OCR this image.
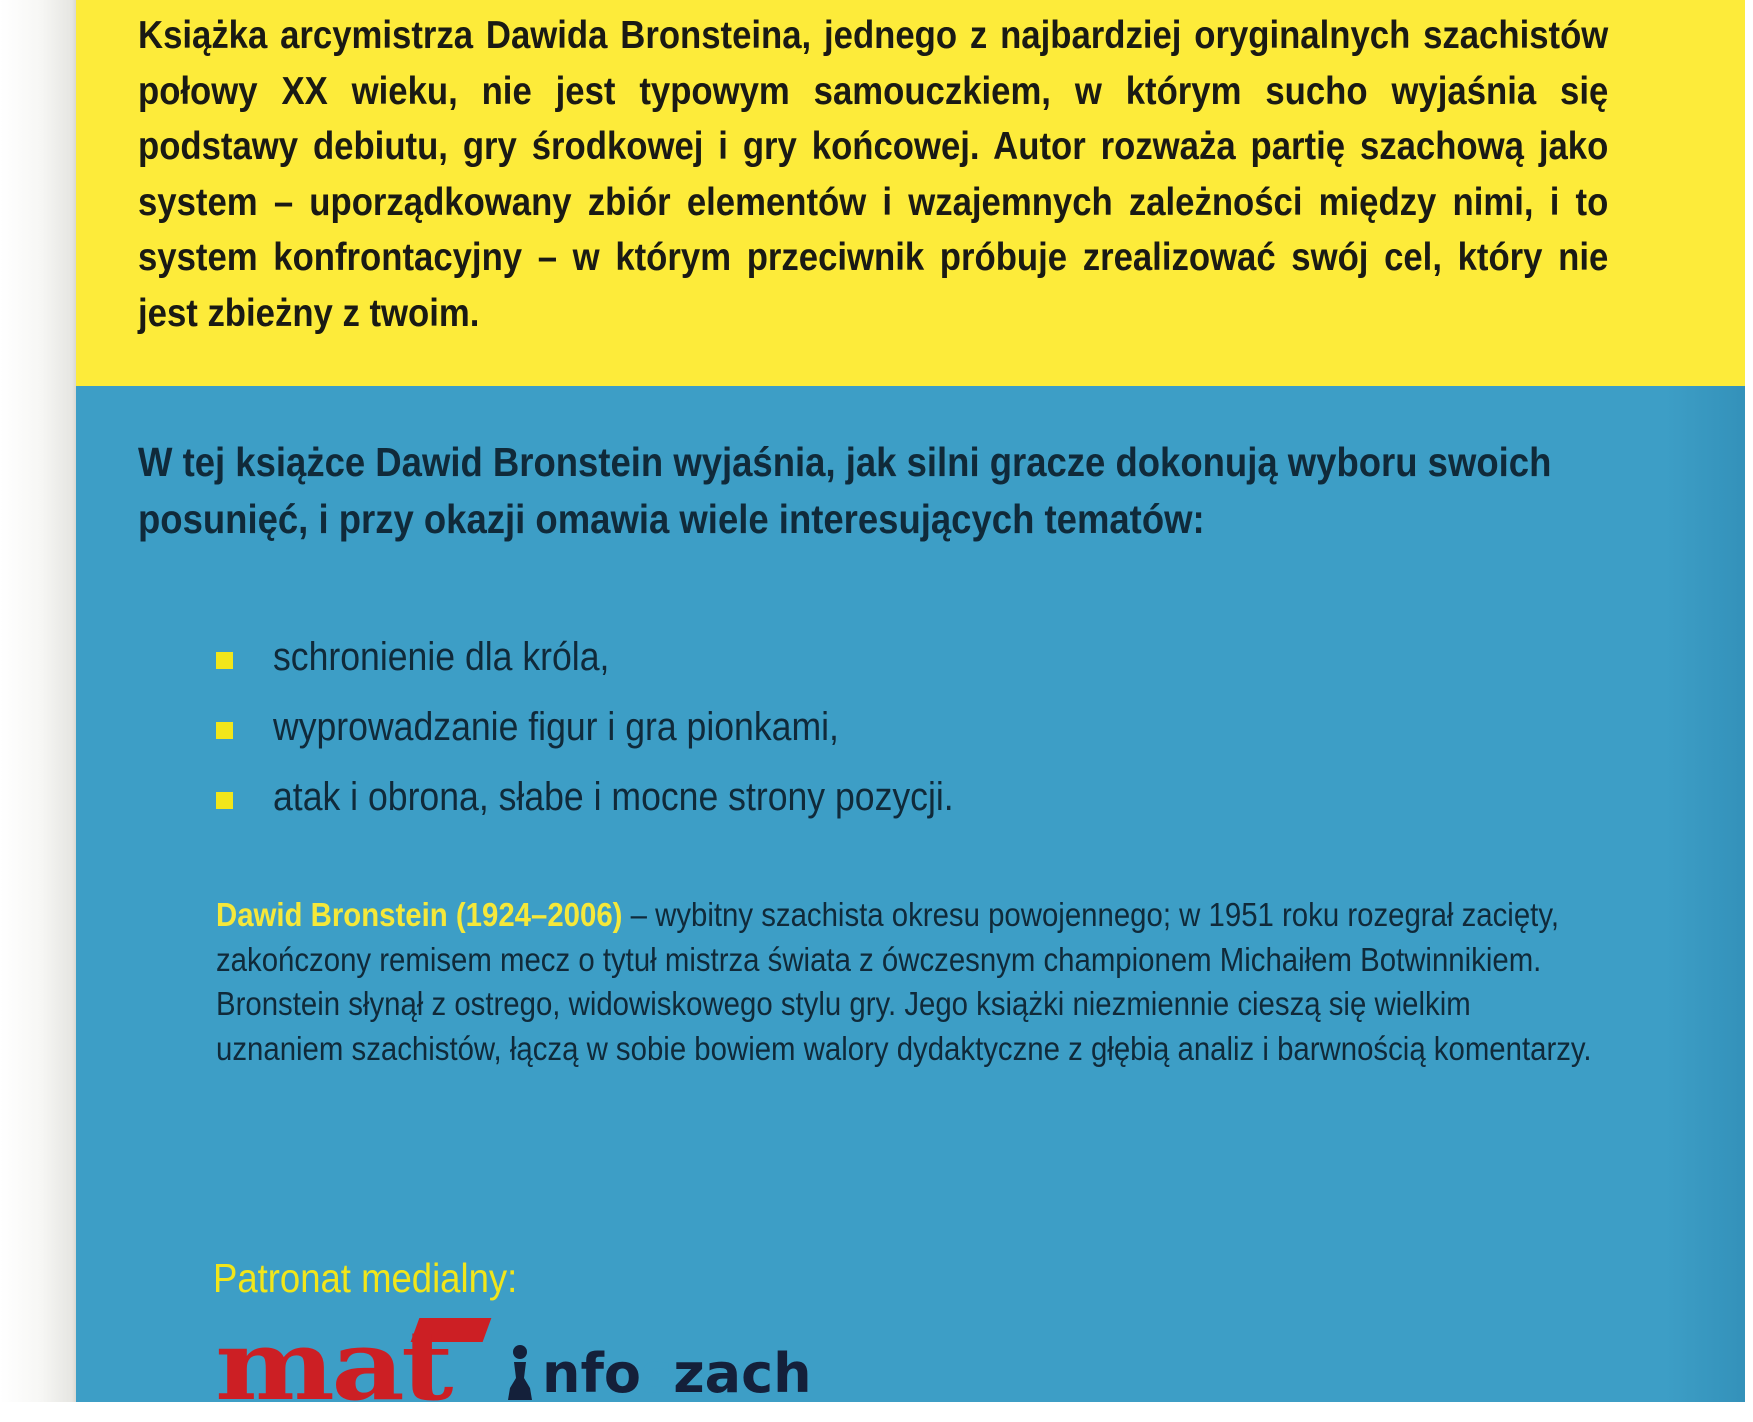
Książka arcymistrza Dawida Bronsteina, jednego z najbardziej oryginalnych szachistów połowy XX wieku, nie jest typowym samouczkiem, w którym sucho wyjaśnia się podstawy debiutu, gry środkowej i gry końcowej. Autor rozważa partię szachową jako system – uporządkowany zbiór elementów i wzajemnych zależności między nimi, i to system konfrontacyjny – w którym przeciwnik próbuje zrealizować swój cel, który nie jest zbieżny z twoim.

W tej książce Dawid Bronstein wyjaśnia, jak silni gracze dokonują wyboru swoich posunięć, i przy okazji omawia wiele interesujących tematów:

schronienie dla króla,
wyprowadzanie figur i gra pionkami,
atak i obrona, słabe i mocne strony pozycji.

Dawid Bronstein (1924–2006) – wybitny szachista okresu powojennego; w 1951 roku rozegrał zacięty, zakończony remisem mecz o tytuł mistrza świata z ówczesnym championem Michaiłem Botwinnikiem. Bronstein słynął z ostrego, widowiskowego stylu gry. Jego książki niezmiennie cieszą się wielkim uznaniem szachistów, łączą w sobie bowiem walory dydaktyczne z głębią analiz i barwnością komentarzy.

Patronat medialny:

mat nfoszach
